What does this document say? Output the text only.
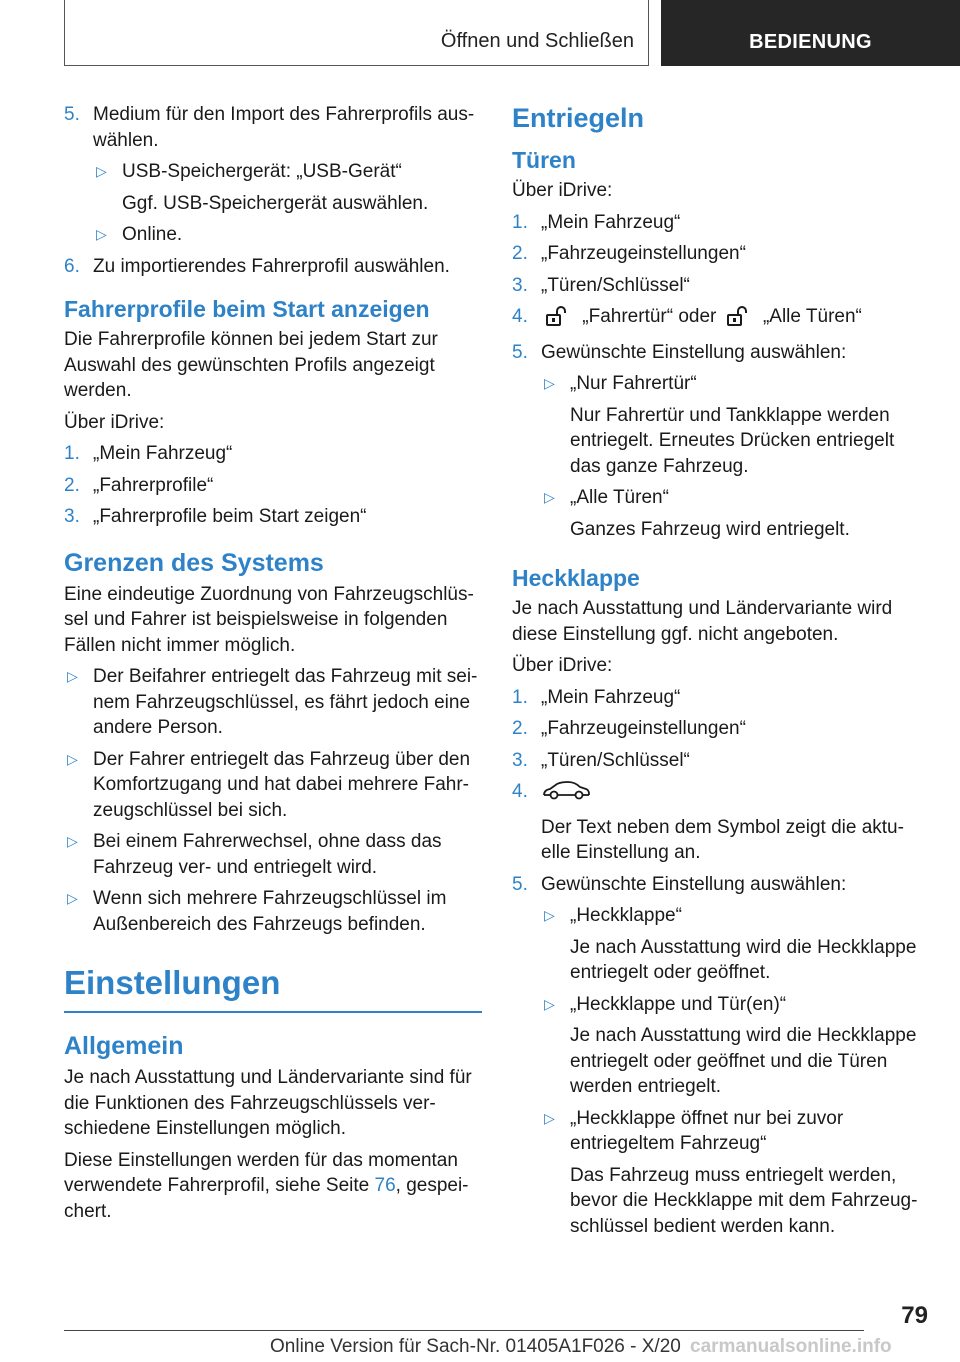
Öffnen und Schließen	BEDIENUNG
5. Medium für den Import des Fahrerprofils aus-
wählen.
▷ USB-Speichergerät: „USB-Gerät“
Ggf. USB-Speichergerät auswählen.
▷ Online.
6. Zu importierendes Fahrerprofil auswählen.
Fahrerprofile beim Start anzeigen

Die Fahrerprofile können bei jedem Start zur
Auswahl des gewünschten Profils angezeigt
werden.

Über iDrive:

1. „Mein Fahrzeug“
2. „Fahrerprofile“
3. „Fahrerprofile beim Start zeigen“
Grenzen des Systems

Eine eindeutige Zuordnung von Fahrzeugschlüs-
sel und Fahrer ist beispielsweise in folgenden
Fällen nicht immer möglich.

▷ Der Beifahrer entriegelt das Fahrzeug mit sei-
nem Fahrzeugschlüssel, es fährt jedoch eine
andere Person.
▷ Der Fahrer entriegelt das Fahrzeug über den
Komfortzugang und hat dabei mehrere Fahr-
zeugschlüssel bei sich.
▷ Bei einem Fahrerwechsel, ohne dass das
Fahrzeug ver- und entriegelt wird.
▷ Wenn sich mehrere Fahrzeugschlüssel im
Außenbereich des Fahrzeugs befinden.
Einstellungen
Allgemein

Je nach Ausstattung und Ländervariante sind für
die Funktionen des Fahrzeugschlüssels ver-
schiedene Einstellungen möglich.

Diese Einstellungen werden für das momentan
verwendete Fahrerprofil, siehe Seite 76, gespei-
chert.

Entriegeln
Türen

Über iDrive:

1. „Mein Fahrzeug“
2. „Fahrzeugeinstellungen“
3. „Türen/Schlüssel“
4.	„Fahrertür“ oder „Alle Türen“
5. Gewünschte Einstellung auswählen:
▷ „Nur Fahrertür“
Nur Fahrertür und Tankklappe werden
entriegelt. Erneutes Drücken entriegelt
das ganze Fahrzeug.
▷ „Alle Türen“
Ganzes Fahrzeug wird entriegelt.
Heckklappe

Je nach Ausstattung und Ländervariante wird
diese Einstellung ggf. nicht angeboten.

Über iDrive:

1. „Mein Fahrzeug“
2. „Fahrzeugeinstellungen“
3. „Türen/Schlüssel“
4.
Der Text neben dem Symbol zeigt die aktu-
elle Einstellung an.
5. Gewünschte Einstellung auswählen:
▷ „Heckklappe“
Je nach Ausstattung wird die Heckklappe
entriegelt oder geöffnet.
▷ „Heckklappe und Tür(en)“
Je nach Ausstattung wird die Heckklappe
entriegelt oder geöffnet und die Türen
werden entriegelt.
▷ „Heckklappe öffnet nur bei zuvor
entriegeltem Fahrzeug“
Das Fahrzeug muss entriegelt werden,
bevor die Heckklappe mit dem Fahrzeug-
schlüssel bedient werden kann.
79
Online Version für Sach-Nr. 01405A1F026 - X/20 carmanualsonline.info
